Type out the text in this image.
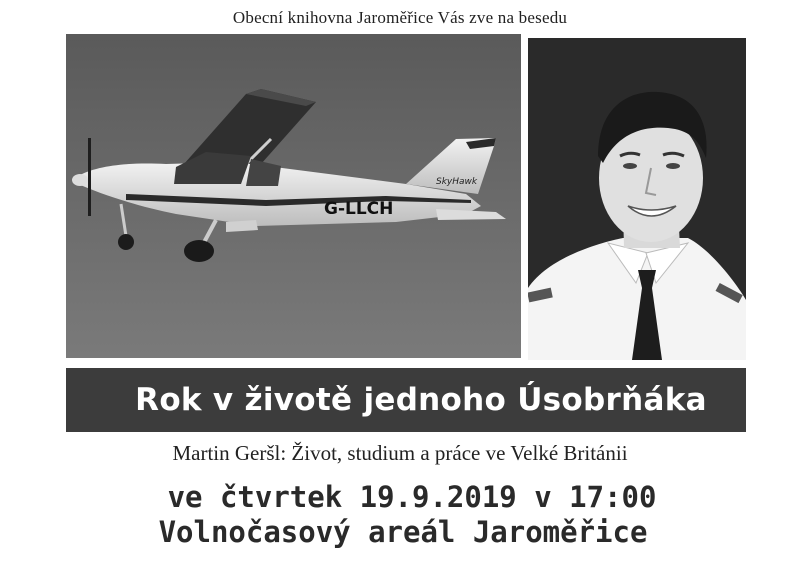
Obecní knihovna Jaroměřice Vás zve na besedu
SkyHawk
G-LLCH
Rok v životě jednoho Úsobrňáka
Martin Geršl: Život, studium a práce ve Velké Británii
ve čtvrtek 19.9.2019 v 17:00
Volnočasový areál Jaroměřice
